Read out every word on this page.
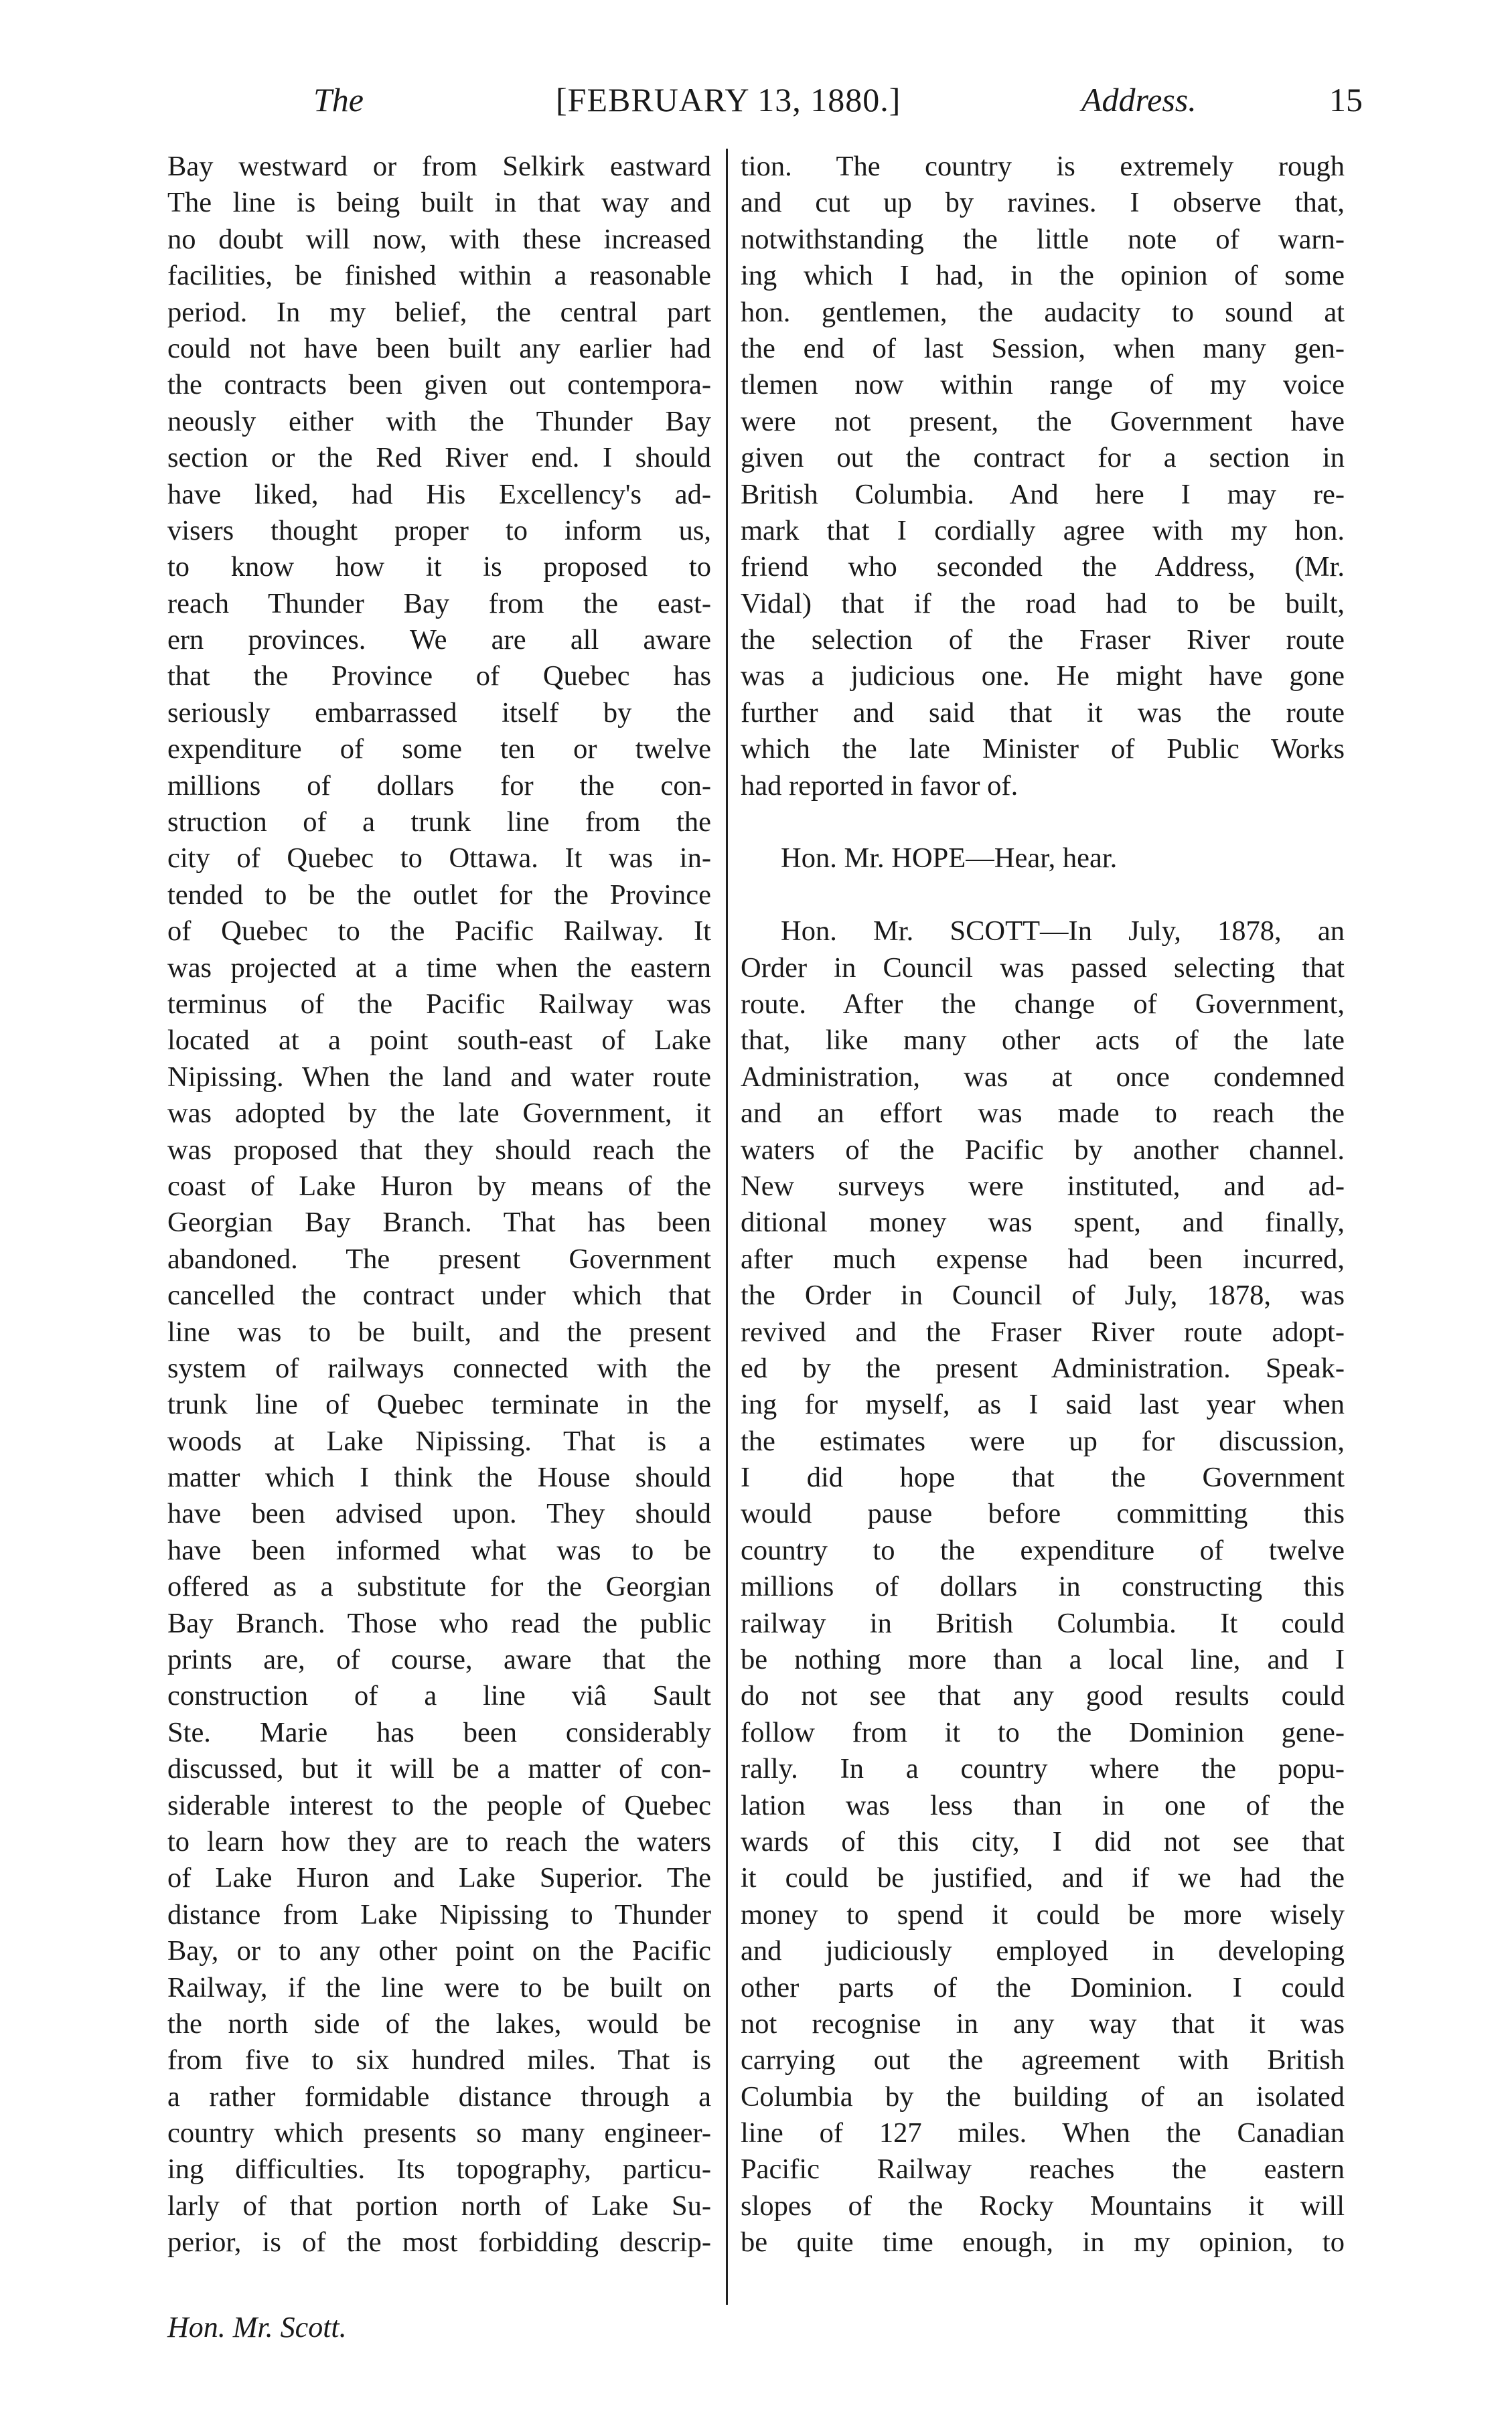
The	[FEBRUARY 13, 1880.]	Address.	15
Bay westward or from Selkirk eastward
The line is being built in that way and
no doubt will now, with these increased
facilities, be finished within a reasonable
period. In my belief, the central part
could not have been built any earlier had
the contracts been given out contempora-
neously either with the Thunder Bay
section or the Red River end. I should
have liked, had His Excellency's ad-
visers thought proper to inform us,
to know how it is proposed to
reach Thunder Bay from the east-
ern provinces. We are all aware
that the Province of Quebec has
seriously embarrassed itself by the
expenditure of some ten or twelve
millions of dollars for the con-
struction of a trunk line from the
city of Quebec to Ottawa. It was in-
tended to be the outlet for the Province
of Quebec to the Pacific Railway. It
was projected at a time when the eastern
terminus of the Pacific Railway was
located at a point south-east of Lake
Nipissing. When the land and water route
was adopted by the late Government, it
was proposed that they should reach the
coast of Lake Huron by means of the
Georgian Bay Branch. That has been
abandoned. The present Government
cancelled the contract under which that
line was to be built, and the present
system of railways connected with the
trunk line of Quebec terminate in the
woods at Lake Nipissing. That is a
matter which I think the House should
have been advised upon. They should
have been informed what was to be
offered as a substitute for the Georgian
Bay Branch. Those who read the public
prints are, of course, aware that the
construction of a line viâ Sault
Ste. Marie has been considerably
discussed, but it will be a matter of con-
siderable interest to the people of Quebec
to learn how they are to reach the waters
of Lake Huron and Lake Superior. The
distance from Lake Nipissing to Thunder
Bay, or to any other point on the Pacific
Railway, if the line were to be built on
the north side of the lakes, would be
from five to six hundred miles. That is
a rather formidable distance through a
country which presents so many engineer-
ing difficulties. Its topography, particu-
larly of that portion north of Lake Su-
perior, is of the most forbidding descrip-
tion. The country is extremely rough
and cut up by ravines. I observe that,
notwithstanding the little note of warn-
ing which I had, in the opinion of some
hon. gentlemen, the audacity to sound at
the end of last Session, when many gen-
tlemen now within range of my voice
were not present, the Government have
given out the contract for a section in
British Columbia. And here I may re-
mark that I cordially agree with my hon.
friend who seconded the Address, (Mr.
Vidal) that if the road had to be built,
the selection of the Fraser River route
was a judicious one. He might have gone
further and said that it was the route
which the late Minister of Public Works
had reported in favor of.
Hon. Mr. HOPE—Hear, hear.
Hon. Mr. SCOTT—In July, 1878, an
Order in Council was passed selecting that
route. After the change of Government,
that, like many other acts of the late
Administration, was at once condemned
and an effort was made to reach the
waters of the Pacific by another channel.
New surveys were instituted, and ad-
ditional money was spent, and finally,
after much expense had been incurred,
the Order in Council of July, 1878, was
revived and the Fraser River route adopt-
ed by the present Administration. Speak-
ing for myself, as I said last year when
the estimates were up for discussion,
I did hope that the Government
would pause before committing this
country to the expenditure of twelve
millions of dollars in constructing this
railway in British Columbia. It could
be nothing more than a local line, and I
do not see that any good results could
follow from it to the Dominion gene-
rally. In a country where the popu-
lation was less than in one of the
wards of this city, I did not see that
it could be justified, and if we had the
money to spend it could be more wisely
and judiciously employed in developing
other parts of the Dominion. I could
not recognise in any way that it was
carrying out the agreement with British
Columbia by the building of an isolated
line of 127 miles. When the Canadian
Pacific Railway reaches the eastern
slopes of the Rocky Mountains it will
be quite time enough, in my opinion, to
Hon. Mr. Scott.
